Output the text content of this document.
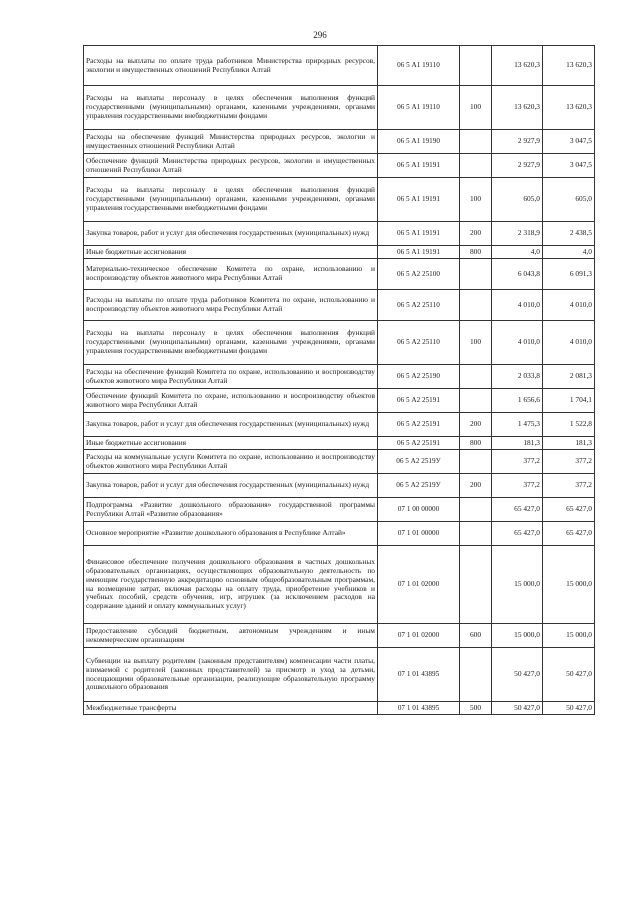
296
Расходы на выплаты по оплате труда работников Министерства природных ресурсов, экологии и имущественных отношений Республики Алтай	06 5 А1 19110		13 620,3	13 620,3
Расходы на выплаты персоналу в целях обеспечения выполнения функций государственными (муниципальными) органами, казенными учреждениями, органами управления государственными внебюджетными фондами	06 5 А1 19110	100	13 620,3	13 620,3
Расходы на обеспечение функций Министерства природных ресурсов, экологии и имущественных отношений Республики Алтай	06 5 А1 19190		2 927,9	3 047,5
Обеспечение функций Министерства природных ресурсов, экологии и имущественных отношений Республики Алтай	06 5 А1 19191		2 927,9	3 047,5
Расходы на выплаты персоналу в целях обеспечения выполнения функций государственными (муниципальными) органами, казенными учреждениями, органами управления государственными внебюджетными фондами	06 5 А1 19191	100	605,0	605,0
Закупка товаров, работ и услуг для обеспечения государственных (муниципальных) нужд	06 5 А1 19191	200	2 318,9	2 438,5
Иные бюджетные ассигнования	06 5 А1 19191	800	4,0	4,0
Материально-техническое обеспечение Комитета по охране, использованию и воспроизводству объектов животного мира Республики Алтай	06 5 А2 25100		6 043,8	6 091,3
Расходы на выплаты по оплате труда работников Комитета по охране, использованию и воспроизводству объектов животного мира Республики Алтай	06 5 А2 25110		4 010,0	4 010,0
Расходы на выплаты персоналу в целях обеспечения выполнения функций государственными (муниципальными) органами, казенными учреждениями, органами управления государственными внебюджетными фондами	06 5 А2 25110	100	4 010,0	4 010,0
Расходы на обеспечение функций Комитета по охране, использованию и воспроизводству объектов животного мира Республики Алтай	06 5 А2 25190		2 033,8	2 081,3
Обеспечение функций Комитета по охране, использованию и воспроизводству объектов животного мира Республики Алтай	06 5 А2 25191		1 656,6	1 704,1
Закупка товаров, работ и услуг для обеспечения государственных (муниципальных) нужд	06 5 А2 25191	200	1 475,3	1 522,8
Иные бюджетные ассигнования	06 5 А2 25191	800	181,3	181,3
Расходы на коммунальные услуги Комитета по охране, использованию и воспроизводству объектов животного мира Республики Алтай	06 5 А2 2519У		377,2	377,2
Закупка товаров, работ и услуг для обеспечения государственных (муниципальных) нужд	06 5 А2 2519У	200	377,2	377,2
Подпрограмма «Развитие дошкольного образования» государственной программы Республики Алтай «Развитие образования»	07 1 00 00000		65 427,0	65 427,0
Основное мероприятие «Развитие дошкольного образования в Республике Алтай»	07 1 01 00000		65 427,0	65 427,0
Финансовое обеспечение получения дошкольного образования в частных дошкольных образовательных организациях, осуществляющих образовательную деятельность по имеющим государственную аккредитацию основным общеобразовательным программам, на возмещение затрат, включая расходы на оплату труда, приобретение учебников и учебных пособий, средств обучения, игр, игрушек (за исключением расходов на содержание зданий и оплату коммунальных услуг)	07 1 01 02000		15 000,0	15 000,0
Предоставление субсидий бюджетным, автономным учреждениям и иным некоммерческим организациям	07 1 01 02000	600	15 000,0	15 000,0
Субвенции на выплату родителям (законным представителям) компенсации части платы, взимаемой с родителей (законных представителей) за присмотр и уход за детьми, посещающими образовательные организации, реализующие образовательную программу дошкольного образования	07 1 01 43895		50 427,0	50 427,0
Межбюджетные трансферты	07 1 01 43895	500	50 427,0	50 427,0
